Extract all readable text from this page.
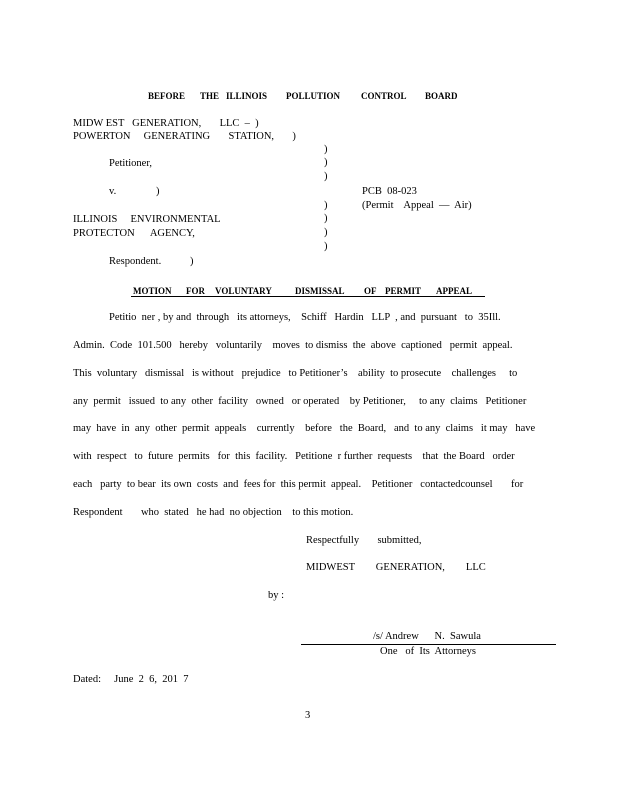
BEFORE THE ILLINOIS POLLUTION CONTROL BOARD
MIDW EST   GENERATION,       LLC  –  )
POWERTON     GENERATING       STATION,       )
)
Petitioner,	)
)
v.	)	PCB  08-023
)	(Permit    Appeal  —  Air)
ILLINOIS     ENVIRONMENTAL	)
PROTECTON      AGENCY,	)
)
Respondent.	)
MOTION FOR VOLUNTARY	DISMISSAL OF PERMIT APPEAL
Petitio  ner , by and  through   its attorneys,    Schiff   Hardin   LLP  , and  pursuant   to  35Ill.
Admin.  Code  101.500   hereby   voluntarily    moves  to dismiss  the  above  captioned   permit  appeal.
This  voluntary   dismissal   is without   prejudice   to Petitioner’s    ability  to prosecute    challenges     to
any  permit   issued  to any  other  facility   owned   or operated    by Petitioner,     to any  claims   Petitioner
may  have  in  any  other  permit  appeals    currently    before   the  Board,   and  to any  claims   it may   have
with  respect   to  future  permits   for  this  facility.   Petitione  r further  requests    that  the Board   order
each   party  to bear  its own  costs  and  fees for  this permit  appeal.    Petitioner   contactedcounsel       for
Respondent       who  stated   he had  no objection    to this motion.
Respectfully       submitted,
MIDWEST        GENERATION,        LLC
by :
/s/ Andrew      N.  Sawula
One   of  Its  Attorneys
Dated:     June  2  6,  201  7
3
